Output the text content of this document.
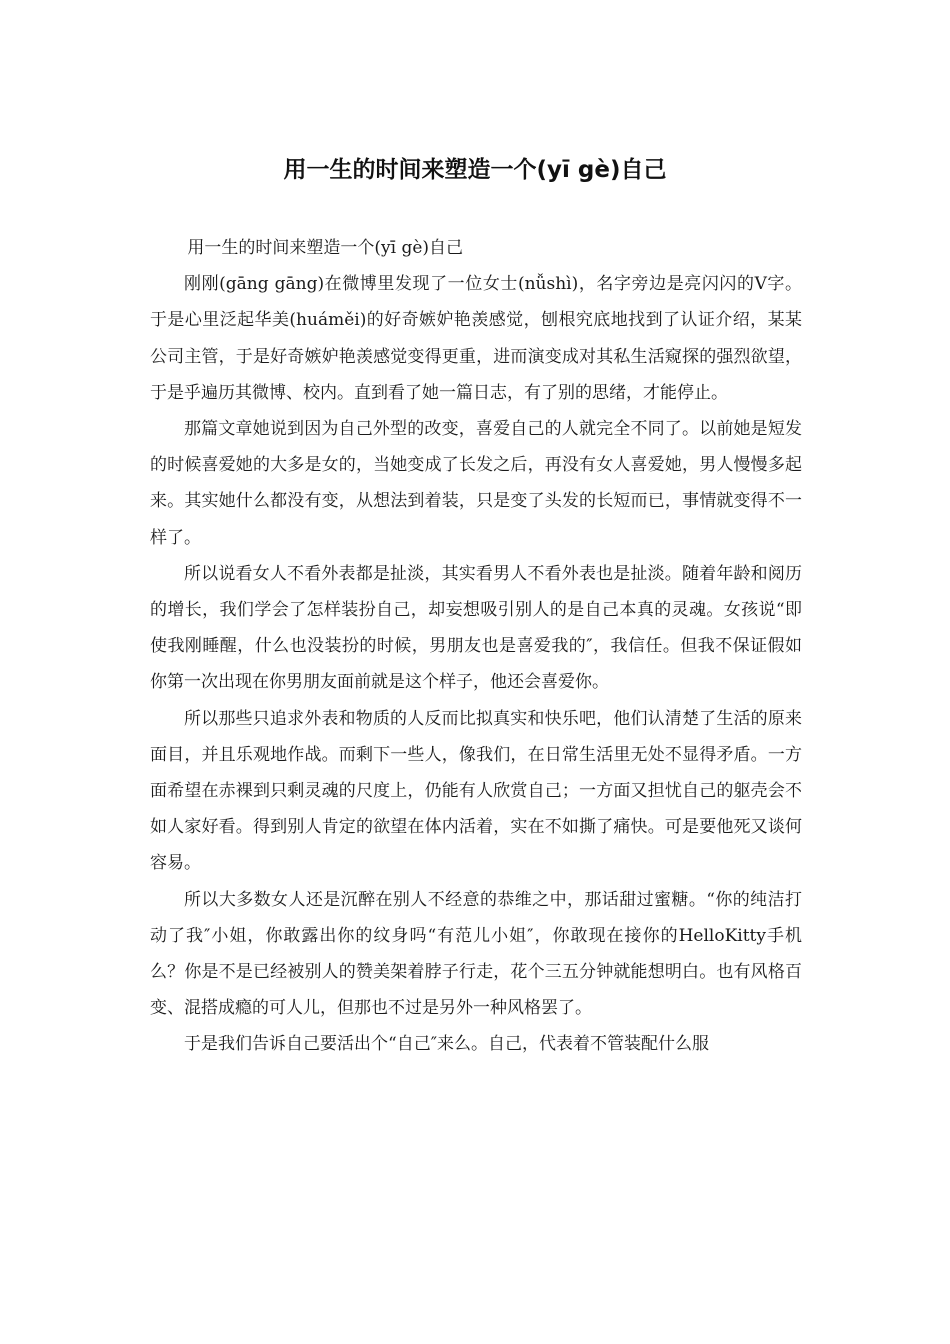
用一生的时间来塑造一个(yī gè)自己

用一生的时间来塑造一个(yī gè)自己

刚刚(gāng gāng)在微博里发现了一位女士(nǚshì)，名字旁边是亮闪闪的V字。于是心里泛起华美(huáměi)的好奇嫉妒艳羡感觉，刨根究底地找到了认证介绍，某某公司主管，于是好奇嫉妒艳羡感觉变得更重，进而演变成对其私生活窥探的强烈欲望，于是乎遍历其微博、校内。直到看了她一篇日志，有了别的思绪，才能停止。

那篇文章她说到因为自己外型的改变，喜爱自己的人就完全不同了。以前她是短发的时候喜爱她的大多是女的，当她变成了长发之后，再没有女人喜爱她，男人慢慢多起来。其实她什么都没有变，从想法到着装，只是变了头发的长短而已，事情就变得不一样了。

所以说看女人不看外表都是扯淡，其实看男人不看外表也是扯淡。随着年龄和阅历的增长，我们学会了怎样装扮自己，却妄想吸引别人的是自己本真的灵魂。女孩说“即使我刚睡醒，什么也没装扮的时候，男朋友也是喜爱我的″，我信任。但我不保证假如你第一次出现在你男朋友面前就是这个样子，他还会喜爱你。

所以那些只追求外表和物质的人反而比拟真实和快乐吧，他们认清楚了生活的原来面目，并且乐观地作战。而剩下一些人，像我们，在日常生活里无处不显得矛盾。一方面希望在赤裸到只剩灵魂的尺度上，仍能有人欣赏自己；一方面又担忧自己的躯壳会不如人家好看。得到别人肯定的欲望在体内活着，实在不如撕了痛快。可是要他死又谈何容易。

所以大多数女人还是沉醉在别人不经意的恭维之中，那话甜过蜜糖。“你的纯洁打动了我″小姐，你敢露出你的纹身吗“有范儿小姐″，你敢现在接你的HelloKitty手机么？你是不是已经被别人的赞美架着脖子行走，花个三五分钟就能想明白。也有风格百变、混搭成瘾的可人儿，但那也不过是另外一种风格罢了。

于是我们告诉自己要活出个“自己″来么。自己，代表着不管装配什么服
